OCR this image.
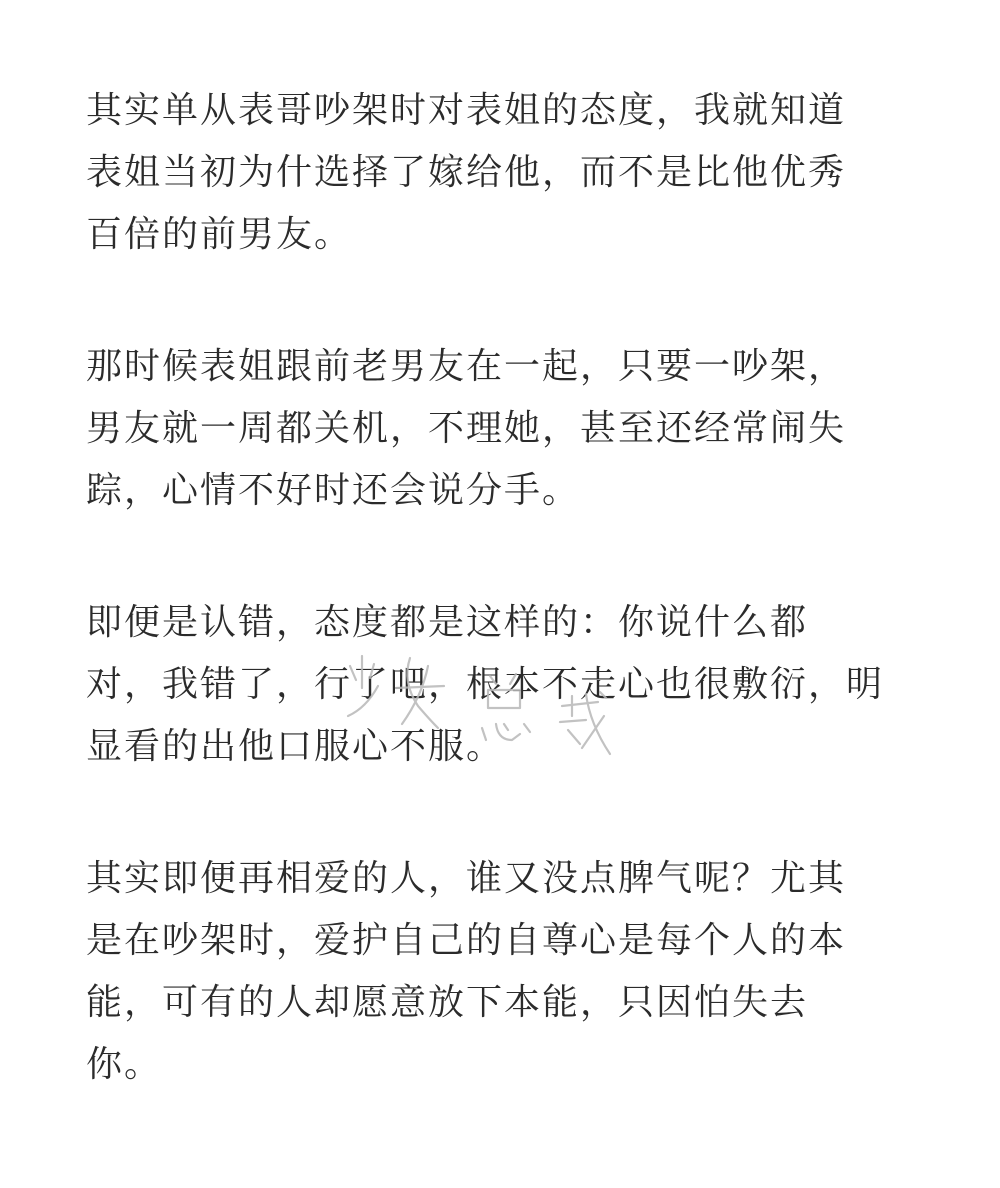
其实单从表哥吵架时对表姐的态度，我就知道
表姐当初为什选择了嫁给他，而不是比他优秀
百倍的前男友。
那时候表姐跟前老男友在一起，只要一吵架，
男友就一周都关机，不理她，甚至还经常闹失
踪，心情不好时还会说分手。
即便是认错，态度都是这样的：你说什么都
对，我错了，行了吧，根本不走心也很敷衍，明
显看的出他口服心不服。
其实即便再相爱的人，谁又没点脾气呢？尤其
是在吵架时，爱护自己的自尊心是每个人的本
能，可有的人却愿意放下本能，只因怕失去
你。
